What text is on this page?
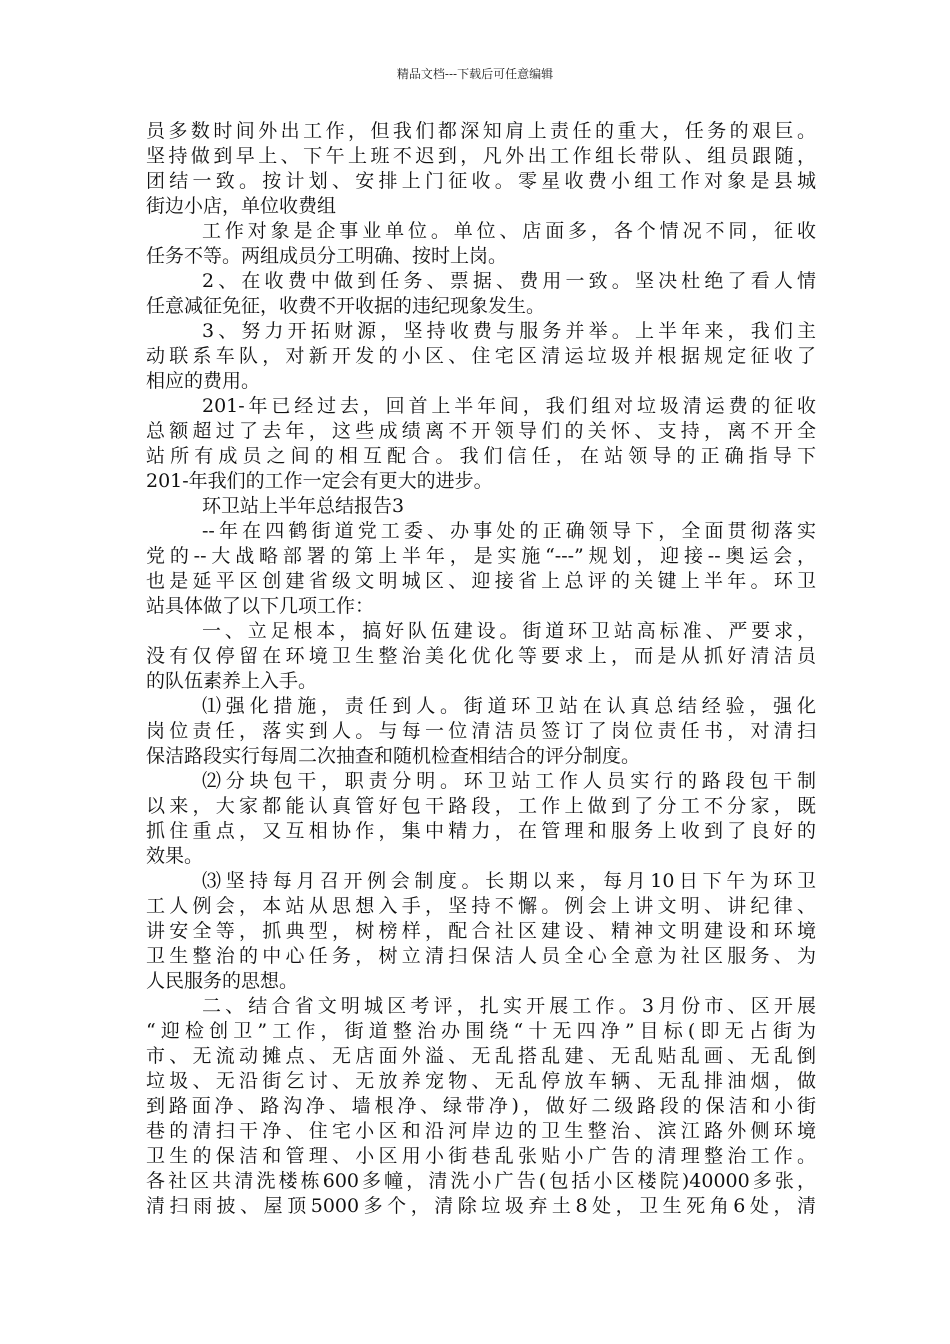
精品文档---下载后可任意编辑
员多数时间外出工作，但我们都深知肩上责任的重大，任务的艰巨。
坚持做到早上、下午上班不迟到，凡外出工作组长带队、组员跟随，
团结一致。按计划、安排上门征收。零星收费小组工作对象是县城
街边小店，单位收费组
工作对象是企事业单位。单位、店面多，各个情况不同，征收
任务不等。两组成员分工明确、按时上岗。
2、在收费中做到任务、票据、费用一致。坚决杜绝了看人情
任意减征免征，收费不开收据的违纪现象发生。
3、努力开拓财源，坚持收费与服务并举。上半年来，我们主
动联系车队，对新开发的小区、住宅区清运垃圾并根据规定征收了
相应的费用。
201-年已经过去，回首上半年间，我们组对垃圾清运费的征收
总额超过了去年，这些成绩离不开领导们的关怀、支持，离不开全
站所有成员之间的相互配合。我们信任，在站领导的正确指导下
201-年我们的工作一定会有更大的进步。
环卫站上半年总结报告3
--年在四鹤街道党工委、办事处的正确领导下，全面贯彻落实
党的--大战略部署的第上半年，是实施“---”规划，迎接--奥运会，
也是延平区创建省级文明城区、迎接省上总评的关键上半年。环卫
站具体做了以下几项工作：
一、立足根本，搞好队伍建设。街道环卫站高标准、严要求，
没有仅停留在环境卫生整治美化优化等要求上，而是从抓好清洁员
的队伍素养上入手。
⑴强化措施，责任到人。街道环卫站在认真总结经验，强化
岗位责任，落实到人。与每一位清洁员签订了岗位责任书，对清扫
保洁路段实行每周二次抽查和随机检查相结合的评分制度。
⑵分块包干，职责分明。环卫站工作人员实行的路段包干制
以来，大家都能认真管好包干路段，工作上做到了分工不分家，既
抓住重点，又互相协作，集中精力，在管理和服务上收到了良好的
效果。
⑶坚持每月召开例会制度。长期以来，每月10日下午为环卫
工人例会，本站从思想入手，坚持不懈。例会上讲文明、讲纪律、
讲安全等，抓典型，树榜样，配合社区建设、精神文明建设和环境
卫生整治的中心任务，树立清扫保洁人员全心全意为社区服务、为
人民服务的思想。
二、结合省文明城区考评，扎实开展工作。3月份市、区开展
“迎检创卫”工作，街道整治办围绕“十无四净”目标(即无占街为
市、无流动摊点、无店面外溢、无乱搭乱建、无乱贴乱画、无乱倒
垃圾、无沿街乞讨、无放养宠物、无乱停放车辆、无乱排油烟，做
到路面净、路沟净、墙根净、绿带净)，做好二级路段的保洁和小街
巷的清扫干净、住宅小区和沿河岸边的卫生整治、滨江路外侧环境
卫生的保洁和管理、小区用小街巷乱张贴小广告的清理整治工作。
各社区共清洗楼栋600多幢，清洗小广告(包括小区楼院)40000多张，
清扫雨披、屋顶5000多个，清除垃圾弃土8处，卫生死角6处，清
